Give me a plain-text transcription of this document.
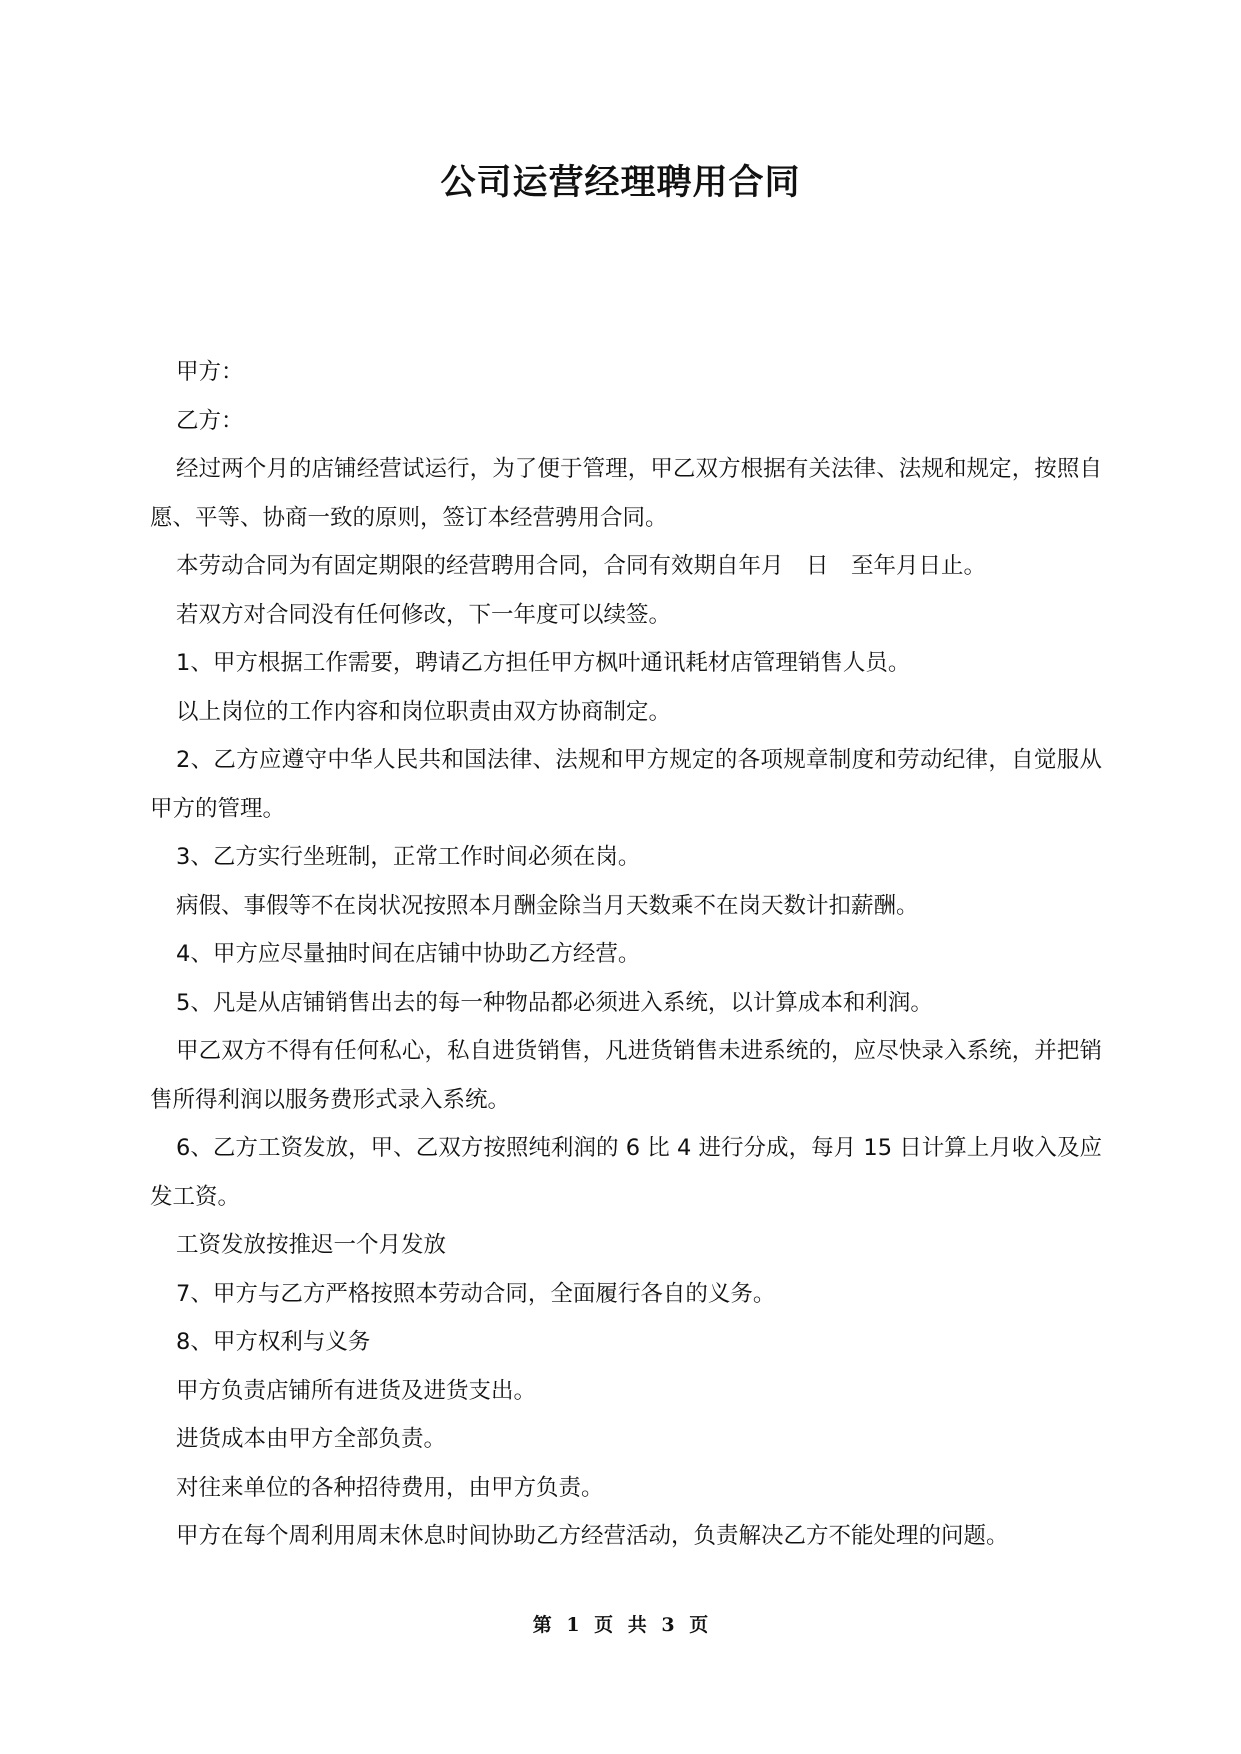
公司运营经理聘用合同

甲方：

乙方：

经过两个月的店铺经营试运行，为了便于管理，甲乙双方根据有关法律、法规和规定，按照自愿、平等、协商一致的原则，签订本经营骋用合同。

本劳动合同为有固定期限的经营聘用合同，合同有效期自年月　日　至年月日止。

若双方对合同没有任何修改，下一年度可以续签。

1、甲方根据工作需要，聘请乙方担任甲方枫叶通讯耗材店管理销售人员。

以上岗位的工作内容和岗位职责由双方协商制定。

2、乙方应遵守中华人民共和国法律、法规和甲方规定的各项规章制度和劳动纪律，自觉服从甲方的管理。

3、乙方实行坐班制，正常工作时间必须在岗。

病假、事假等不在岗状况按照本月酬金除当月天数乘不在岗天数计扣薪酬。

4、甲方应尽量抽时间在店铺中协助乙方经营。

5、凡是从店铺销售出去的每一种物品都必须进入系统，以计算成本和利润。

甲乙双方不得有任何私心，私自进货销售，凡进货销售未进系统的，应尽快录入系统，并把销售所得利润以服务费形式录入系统。

6、乙方工资发放，甲、乙双方按照纯利润的 6 比 4 进行分成，每月 15 日计算上月收入及应发工资。

工资发放按推迟一个月发放

7、甲方与乙方严格按照本劳动合同，全面履行各自的义务。

8、甲方权利与义务

甲方负责店铺所有进货及进货支出。

进货成本由甲方全部负责。

对往来单位的各种招待费用，由甲方负责。

甲方在每个周利用周末休息时间协助乙方经营活动，负责解决乙方不能处理的问题。

第 1 页 共 3 页
